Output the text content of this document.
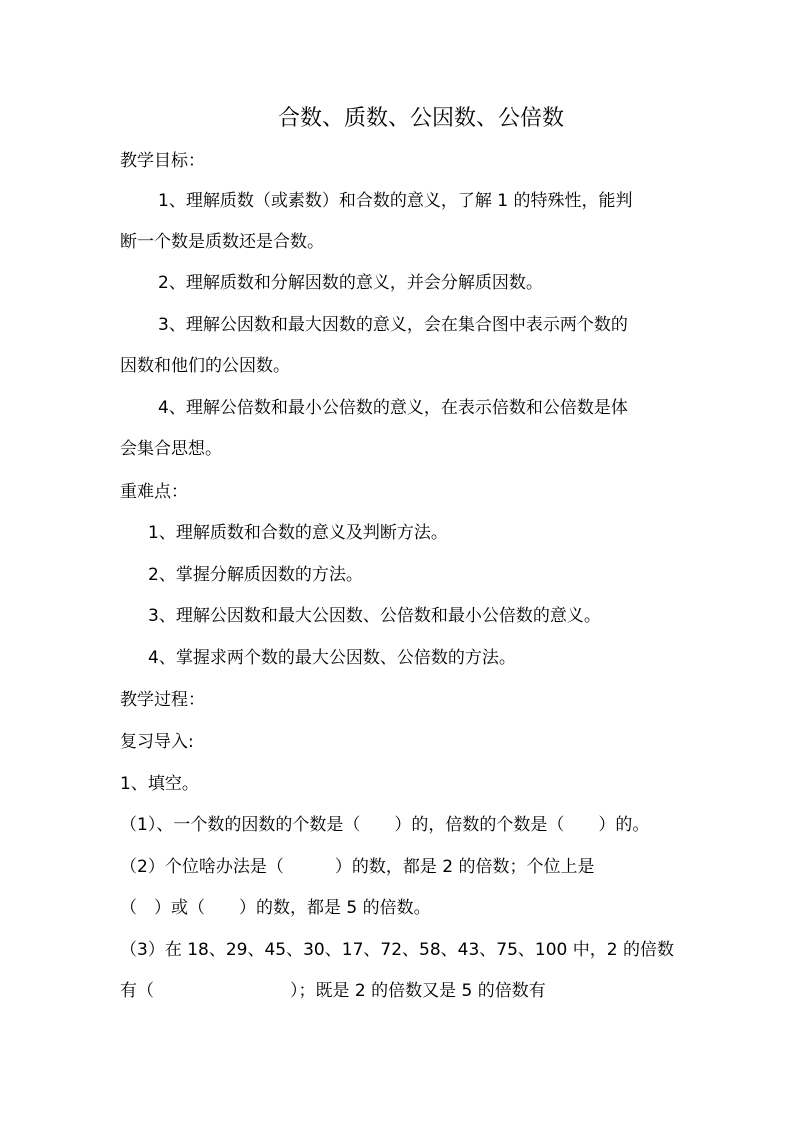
合数、质数、公因数、公倍数
教学目标：
1、理解质数（或素数）和合数的意义，了解 1 的特殊性，能判
断一个数是质数还是合数。
2、理解质数和分解因数的意义，并会分解质因数。
3、理解公因数和最大因数的意义，会在集合图中表示两个数的
因数和他们的公因数。
4、理解公倍数和最小公倍数的意义，在表示倍数和公倍数是体
会集合思想。
重难点：
1、理解质数和合数的意义及判断方法。
2、掌握分解质因数的方法。
3、理解公因数和最大公因数、公倍数和最小公倍数的意义。
4、掌握求两个数的最大公因数、公倍数的方法。
教学过程：
复习导入:
1、填空。
（1）、一个数的因数的个数是（　　）的，倍数的个数是（　　）的。
（2）个位啥办法是（　　　）的数，都是 2 的倍数；个位上是
（　）或（　　）的数，都是 5 的倍数。
（3）在 18、29、45、30、17、72、58、43、75、100 中，2 的倍数
有（　　　　　　　　）；既是 2 的倍数又是 5 的倍数有
